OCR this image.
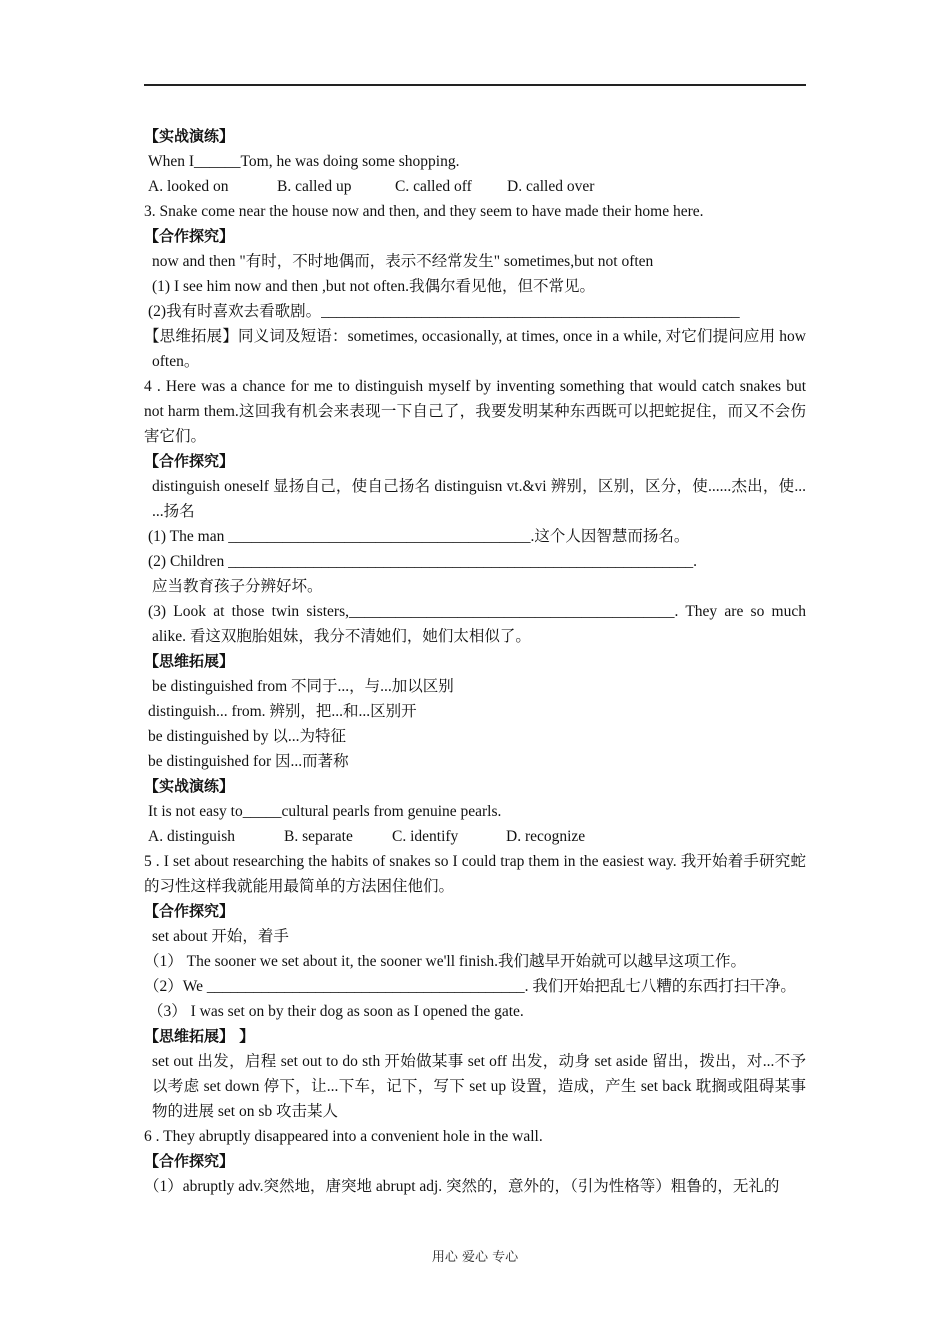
【实战演练】
When I______Tom, he was doing some shopping.
A. looked on	B. called up	C. called off D. called over
3. Snake come near the house now and then, and they seem to have made their home here.
【合作探究】
now and then "有时，不时地偶而，表示不经常发生" sometimes,but not often
(1) I see him now and then ,but not often.我偶尔看见他，但不常见。
(2)我有时喜欢去看歌剧。______________________________________________________
【思维拓展】同义词及短语：sometimes, occasionally, at times, once in a while, 对它们提问应用 how often。
4 . Here was a chance for me to distinguish myself by inventing something that would catch snakes but not harm them.这回我有机会来表现一下自己了，我要发明某种东西既可以把蛇捉住，而又不会伤害它们。
【合作探究】
distinguish oneself 显扬自己，使自己扬名 distinguisn vt.&vi 辨别，区别，区分，使......杰出，使... ...扬名
(1) The man _______________________________________.这个人因智慧而扬名。
(2) Children ____________________________________________________________.
应当教育孩子分辨好坏。
(3) Look at those twin sisters,__________________________________________. They are so much alike. 看这双胞胎姐妹，我分不清她们，她们太相似了。
【思维拓展】
be distinguished from 不同于...，与...加以区别
distinguish... from. 辨别，把...和...区别开
be distinguished by 以...为特征
be distinguished for 因...而著称
【实战演练】
It is not easy to_____cultural pearls from genuine pearls.
A. distinguish	B. separate	C. identify	D. recognize
5 . I set about researching the habits of snakes so I could trap them in the easiest way. 我开始着手研究蛇的习性这样我就能用最简单的方法困住他们。
【合作探究】
set about 开始，着手
（1） The sooner we set about it, the sooner we'll finish.我们越早开始就可以越早这项工作。
（2）We _________________________________________. 我们开始把乱七八糟的东西打扫干净。
（3） I was set on by their dog as soon as I opened the gate.
【思维拓展】 】
set out 出发，启程 set out to do sth 开始做某事 set off 出发，动身 set aside 留出，拨出，对...不予以考虑 set down 停下，让...下车，记下，写下 set up 设置，造成，产生 set back 耽搁或阻碍某事物的进展 set on sb 攻击某人
6 . They abruptly disappeared into a convenient hole in the wall.
【合作探究】
（1）abruptly adv.突然地，唐突地 abrupt adj. 突然的，意外的，（引为性格等）粗鲁的，无礼的
用心 爱心 专心
